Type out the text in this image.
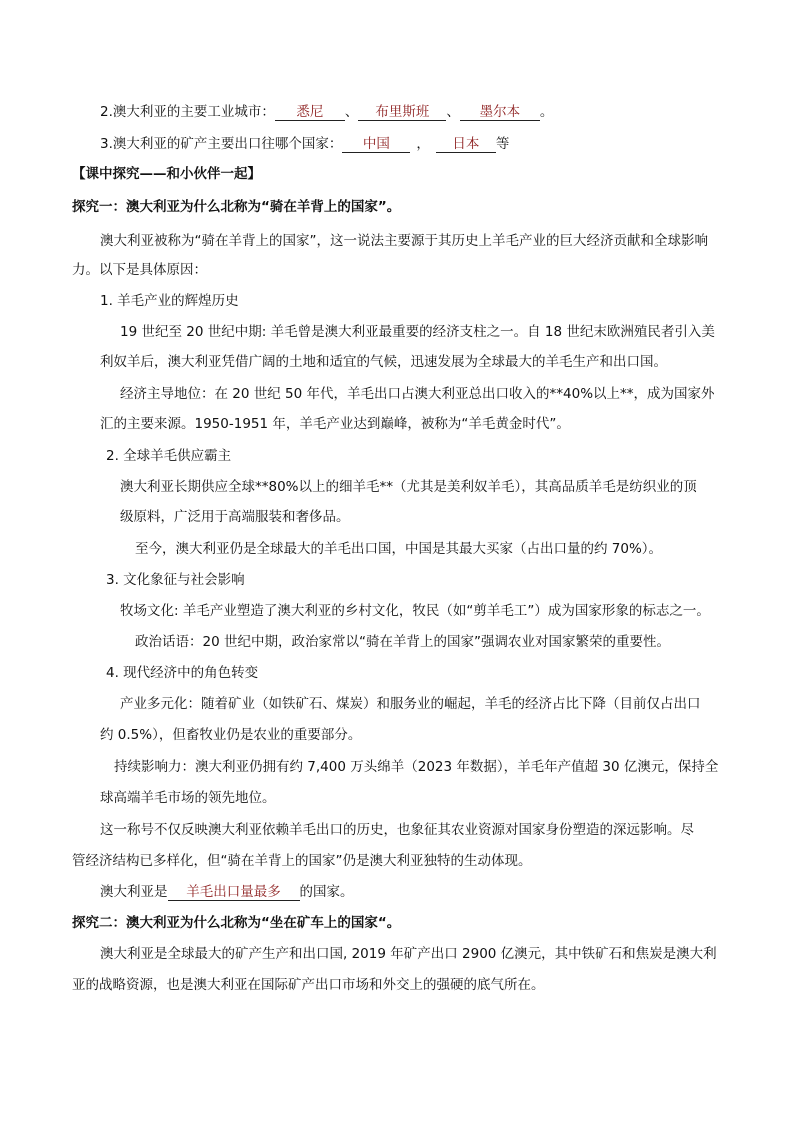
2.澳大利亚的主要工业城市： 悉尼 、 布里斯班 、 墨尔本 。
3.澳大利亚的矿产主要出口往哪个国家： 中国 ， 日本 等
【课中探究——和小伙伴一起】
探究一：澳大利亚为什么北称为“骑在羊背上的国家”。
澳大利亚被称为“骑在羊背上的国家”，这一说法主要源于其历史上羊毛产业的巨大经济贡献和全球影响
力。以下是具体原因：
1. 羊毛产业的辉煌历史
19 世纪至 20 世纪中期: 羊毛曾是澳大利亚最重要的经济支柱之一。自 18 世纪末欧洲殖民者引入美
利奴羊后，澳大利亚凭借广阔的土地和适宜的气候，迅速发展为全球最大的羊毛生产和出口国。
经济主导地位：在 20 世纪 50 年代，羊毛出口占澳大利亚总出口收入的**40%以上**，成为国家外
汇的主要来源。1950-1951 年，羊毛产业达到巅峰，被称为“羊毛黄金时代”。
2. 全球羊毛供应霸主
澳大利亚长期供应全球**80%以上的细羊毛**（尤其是美利奴羊毛），其高品质羊毛是纺织业的顶
级原料，广泛用于高端服装和奢侈品。
至今，澳大利亚仍是全球最大的羊毛出口国，中国是其最大买家（占出口量的约 70%）。
3. 文化象征与社会影响
牧场文化: 羊毛产业塑造了澳大利亚的乡村文化，牧民（如“剪羊毛工”）成为国家形象的标志之一。
政治话语：20 世纪中期，政治家常以“骑在羊背上的国家”强调农业对国家繁荣的重要性。
4. 现代经济中的角色转变
产业多元化：随着矿业（如铁矿石、煤炭）和服务业的崛起，羊毛的经济占比下降（目前仅占出口
约 0.5%），但畜牧业仍是农业的重要部分。
持续影响力：澳大利亚仍拥有约 7,400 万头绵羊（2023 年数据），羊毛年产值超 30 亿澳元，保持全
球高端羊毛市场的领先地位。
这一称号不仅反映澳大利亚依赖羊毛出口的历史，也象征其农业资源对国家身份塑造的深远影响。尽
管经济结构已多样化，但“骑在羊背上的国家”仍是澳大利亚独特的生动体现。
澳大利亚是 羊毛出口量最多 的国家。
探究二：澳大利亚为什么北称为“坐在矿车上的国家“。
澳大利亚是全球最大的矿产生产和出口国, 2019 年矿产出口 2900 亿澳元，其中铁矿石和焦炭是澳大利
亚的战略资源，也是澳大利亚在国际矿产出口市场和外交上的强硬的底气所在。
